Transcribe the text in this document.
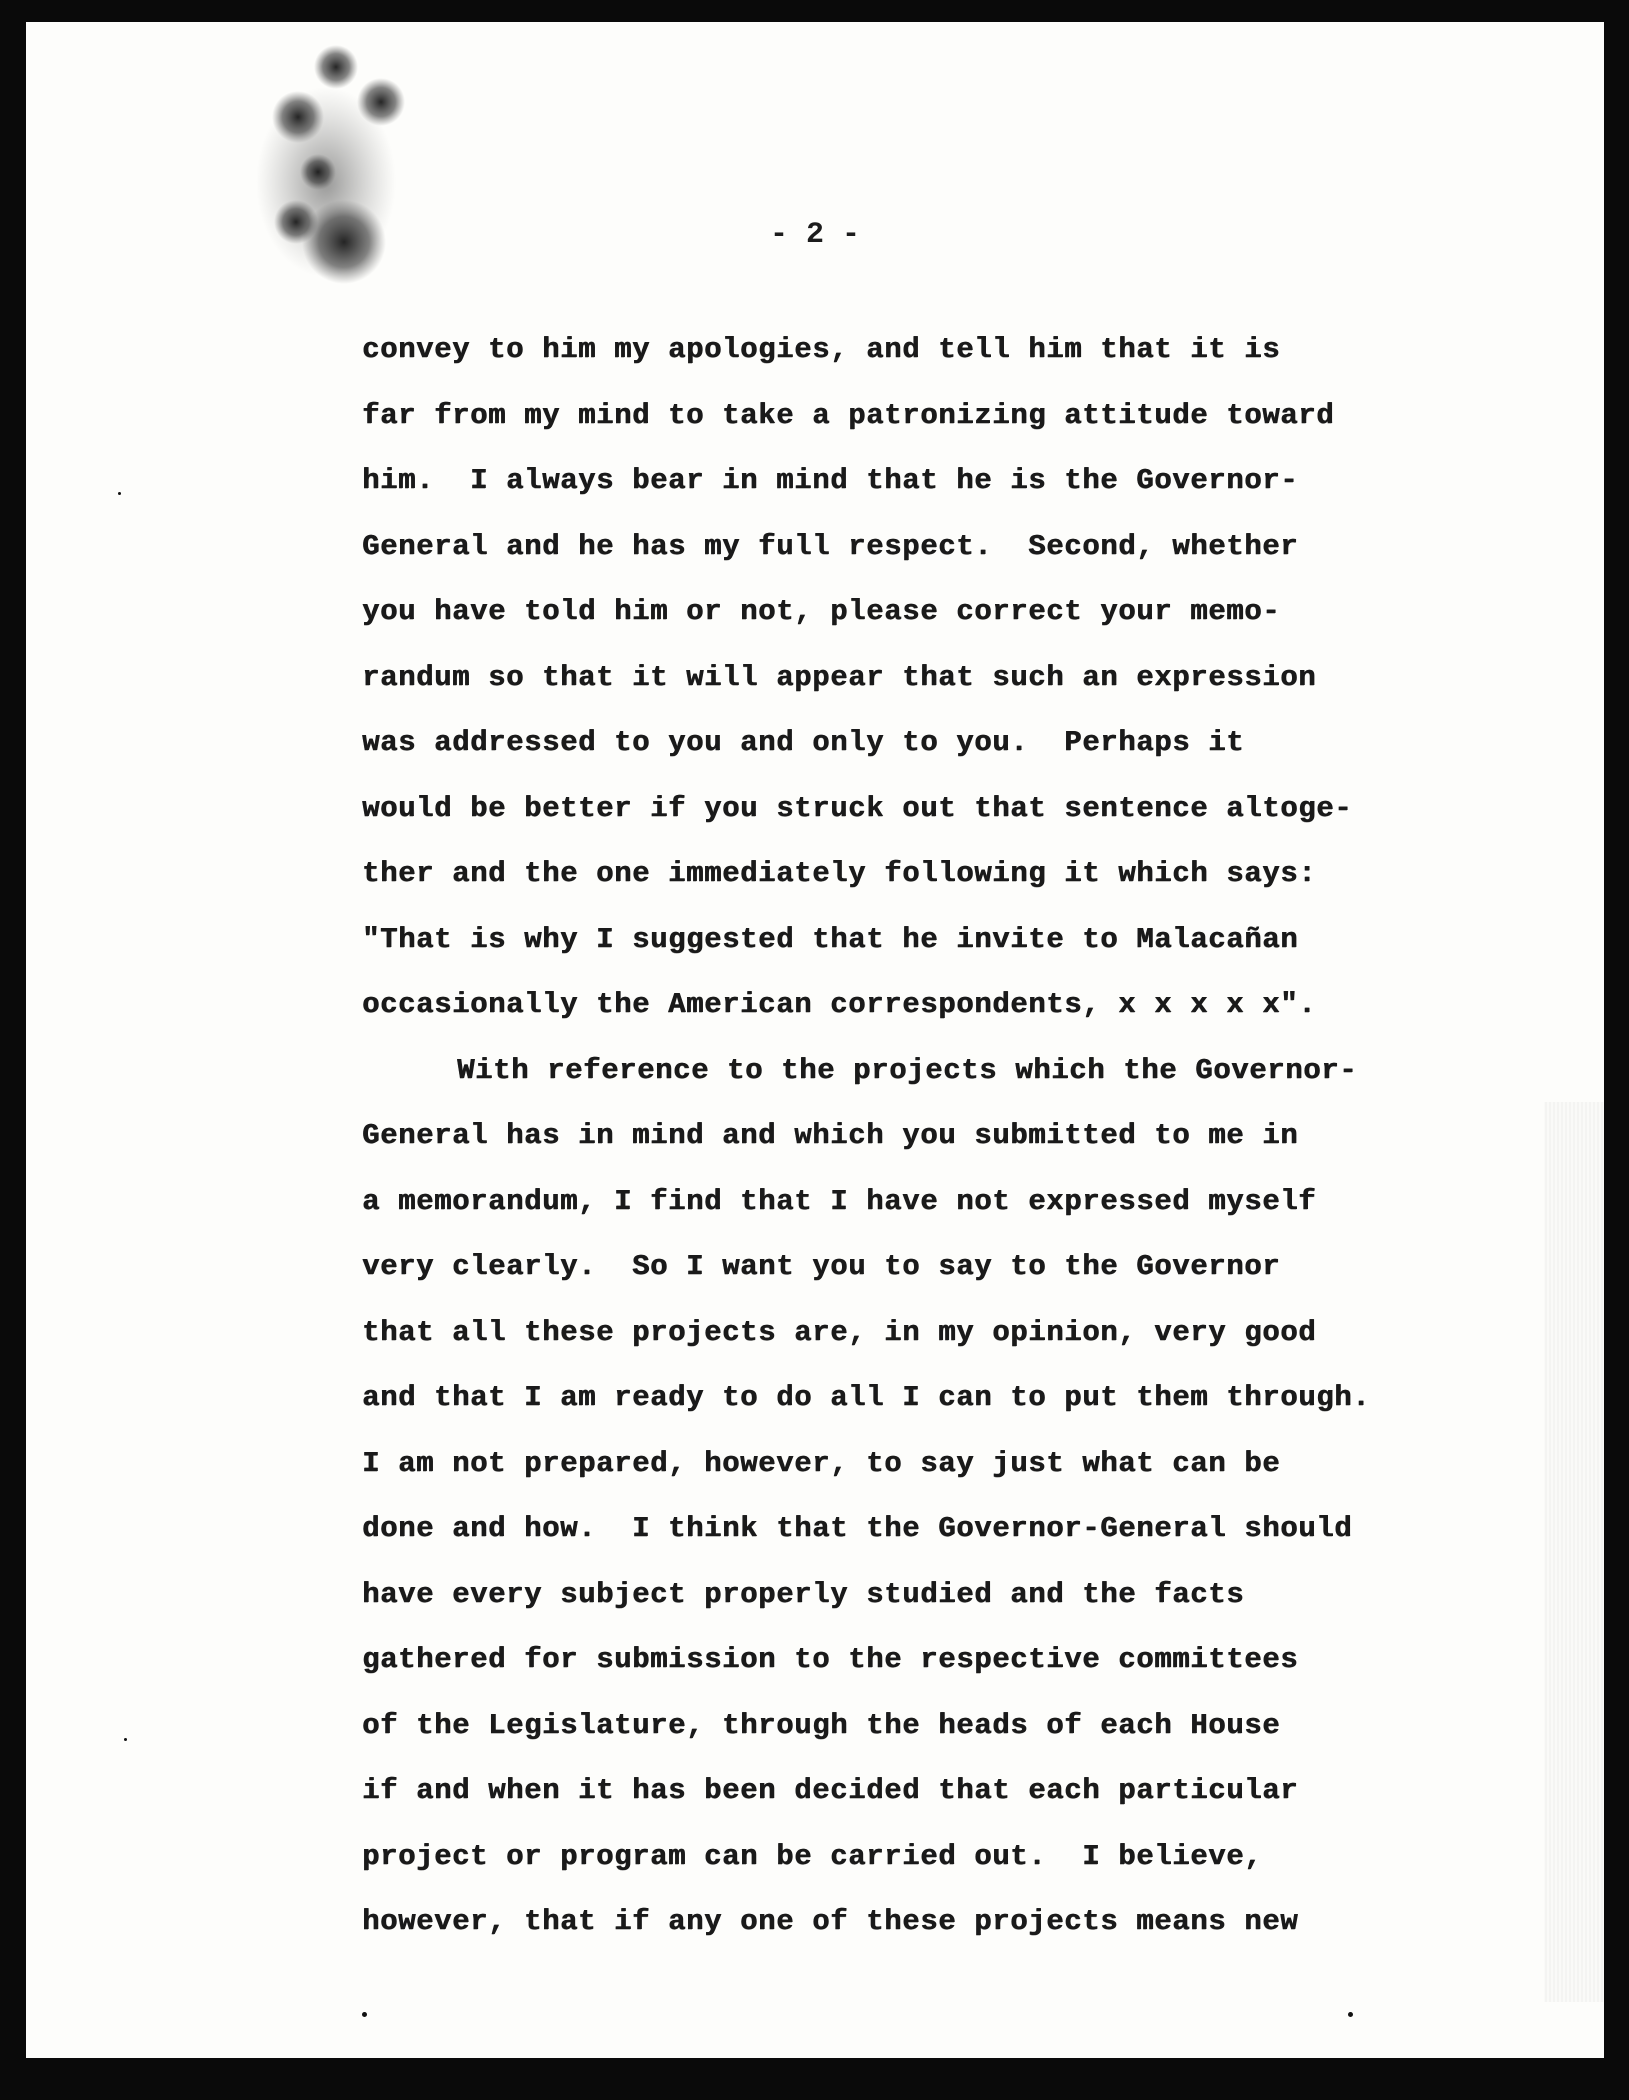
- 2 -
convey to him my apologies, and tell him that it is
far from my mind to take a patronizing attitude toward
him.  I always bear in mind that he is the Governor-
General and he has my full respect.  Second, whether
you have told him or not, please correct your memo-
randum so that it will appear that such an expression
was addressed to you and only to you.  Perhaps it
would be better if you struck out that sentence altoge-
ther and the one immediately following it which says:
"That is why I suggested that he invite to Malacañan
occasionally the American correspondents, x x x x x".
With reference to the projects which the Governor-
General has in mind and which you submitted to me in
a memorandum, I find that I have not expressed myself
very clearly.  So I want you to say to the Governor
that all these projects are, in my opinion, very good
and that I am ready to do all I can to put them through.
I am not prepared, however, to say just what can be
done and how.  I think that the Governor-General should
have every subject properly studied and the facts
gathered for submission to the respective committees
of the Legislature, through the heads of each House
if and when it has been decided that each particular
project or program can be carried out.  I believe,
however, that if any one of these projects means new
